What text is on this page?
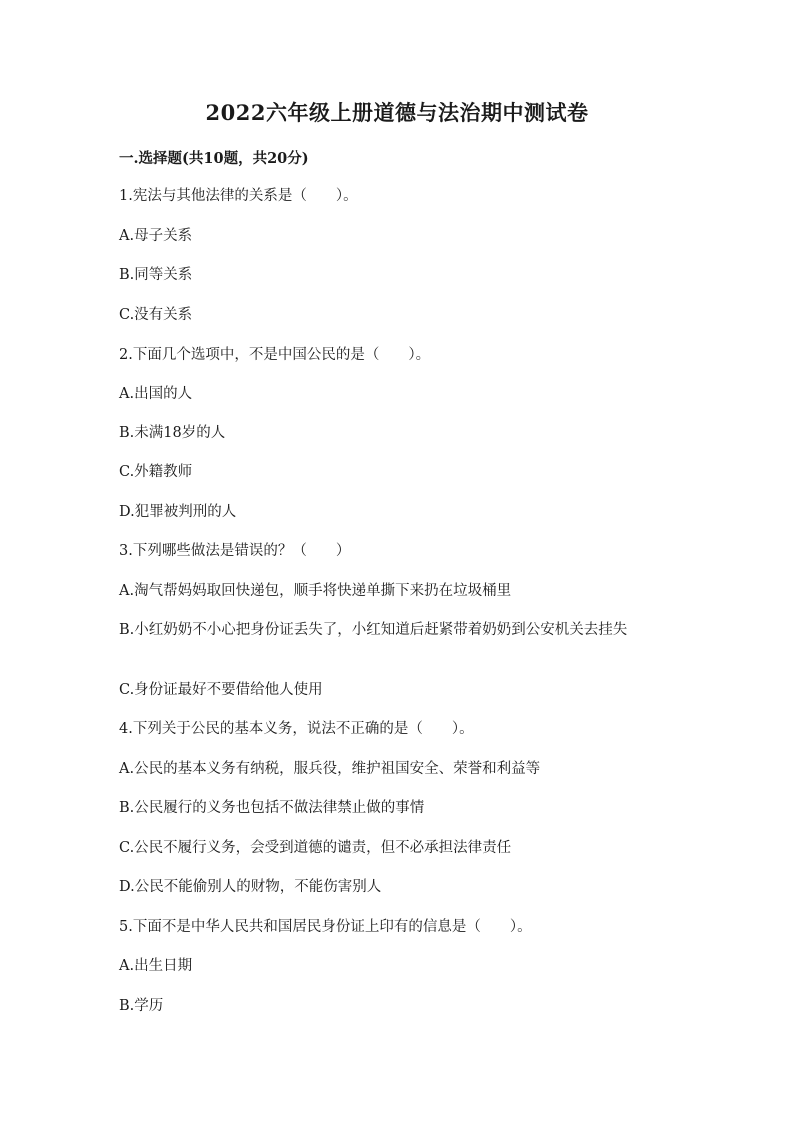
2022六年级上册道德与法治期中测试卷
一.选择题(共10题，共20分)
1.宪法与其他法律的关系是（　　）。
A.母子关系
B.同等关系
C.没有关系
2.下面几个选项中，不是中国公民的是（　　）。
A.出国的人
B.未满18岁的人
C.外籍教师
D.犯罪被判刑的人
3.下列哪些做法是错误的？（　　）
A.淘气帮妈妈取回快递包，顺手将快递单撕下来扔在垃圾桶里
B.小红奶奶不小心把身份证丢失了，小红知道后赶紧带着奶奶到公安机关去挂失
C.身份证最好不要借给他人使用
4.下列关于公民的基本义务，说法不正确的是（　　）。
A.公民的基本义务有纳税，服兵役，维护祖国安全、荣誉和利益等
B.公民履行的义务也包括不做法律禁止做的事情
C.公民不履行义务，会受到道德的谴责，但不必承担法律责任
D.公民不能偷别人的财物，不能伤害别人
5.下面不是中华人民共和国居民身份证上印有的信息是（　　）。
A.出生日期
B.学历
